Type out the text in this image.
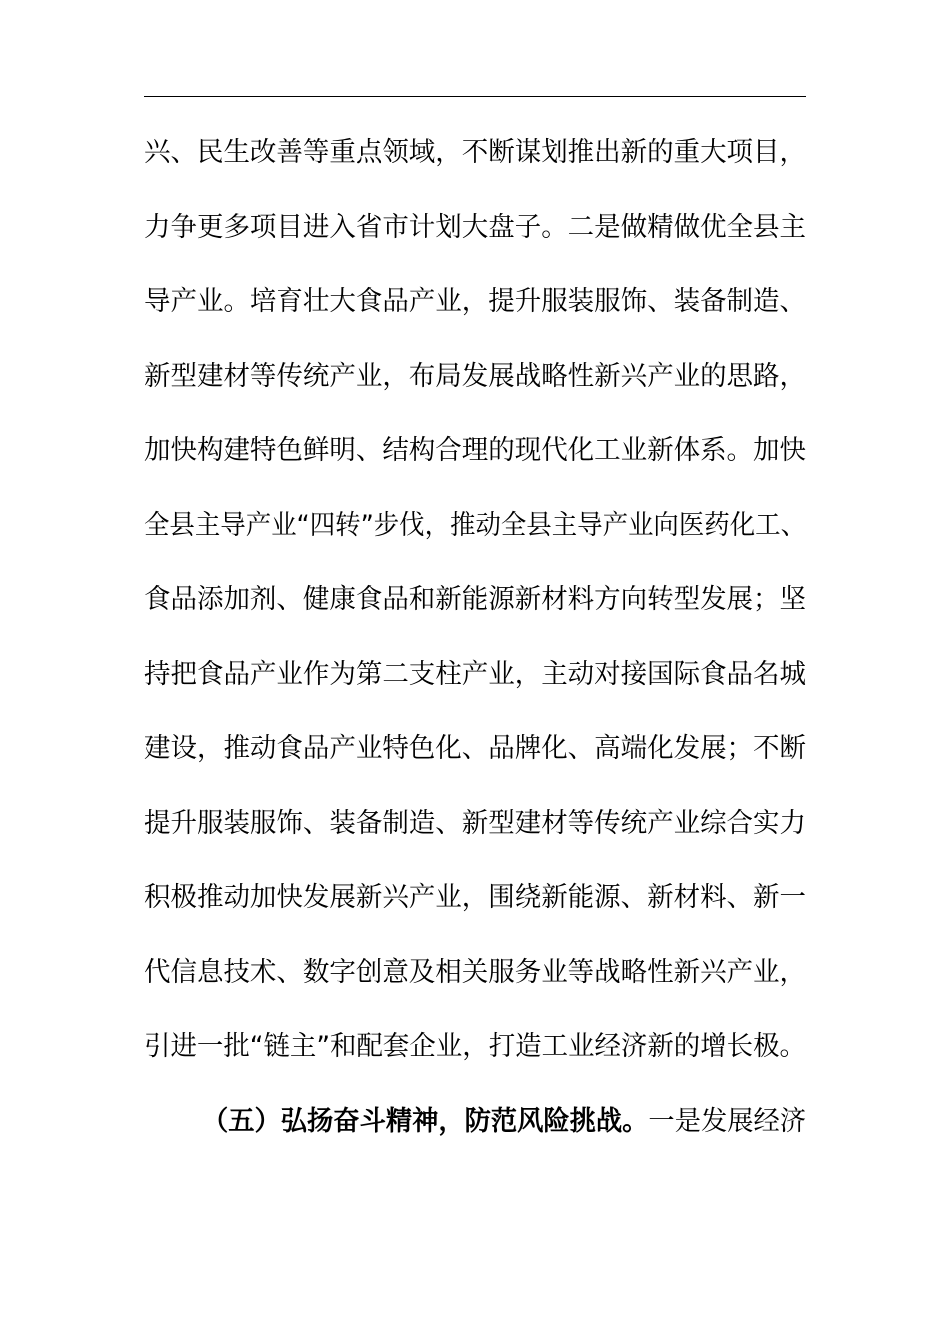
兴、民生改善等重点领域，不断谋划推出新的重大项目，
力争更多项目进入省市计划大盘子。二是做精做优全县主
导产业。培育壮大食品产业，提升服装服饰、装备制造、
新型建材等传统产业，布局发展战略性新兴产业的思路，
加快构建特色鲜明、结构合理的现代化工业新体系。加快
全县主导产业“四转”步伐，推动全县主导产业向医药化工、
食品添加剂、健康食品和新能源新材料方向转型发展；坚
持把食品产业作为第二支柱产业，主动对接国际食品名城
建设，推动食品产业特色化、品牌化、高端化发展；不断
提升服装服饰、装备制造、新型建材等传统产业综合实力
积极推动加快发展新兴产业，围绕新能源、新材料、新一
代信息技术、数字创意及相关服务业等战略性新兴产业，
引进一批“链主”和配套企业，打造工业经济新的增长极。
（五）弘扬奋斗精神，防范风险挑战。一是发展经济
